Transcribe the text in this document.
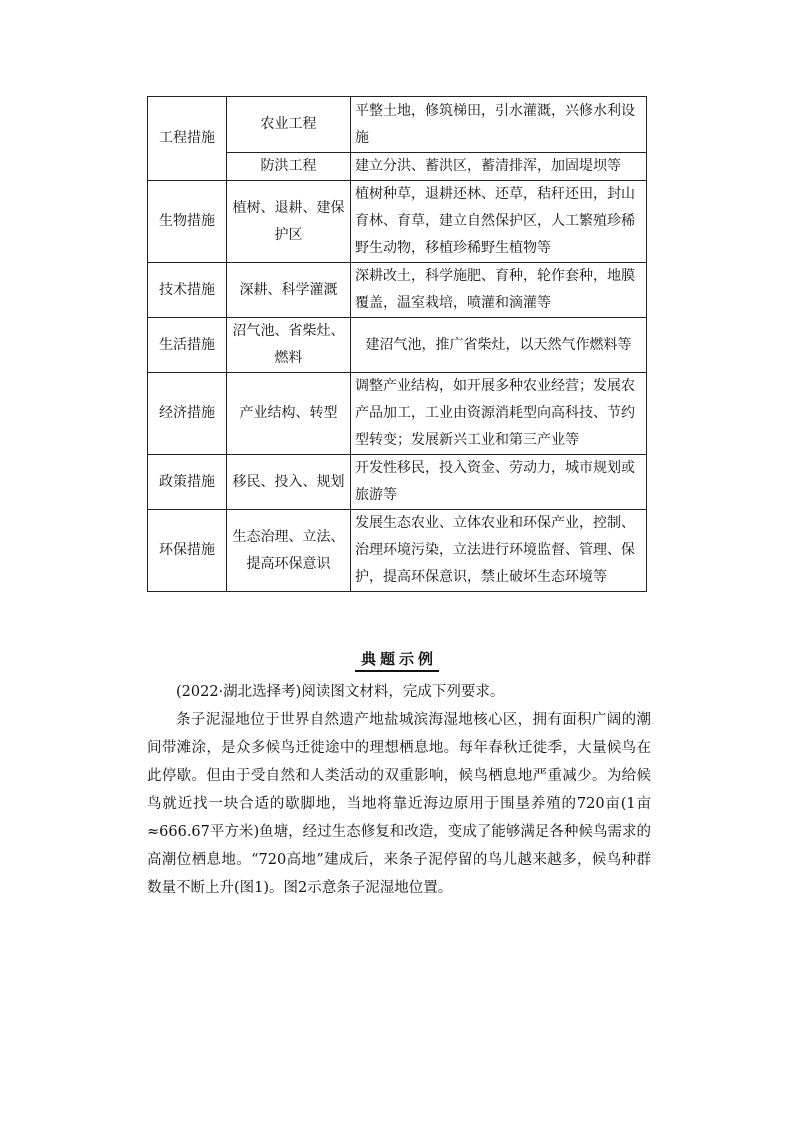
工程措施	农业工程	平整土地，修筑梯田，引水灌溉，兴修水利设施
	防洪工程	建立分洪、蓄洪区，蓄清排浑，加固堤坝等
生物措施	植树、退耕、建保护区	植树种草，退耕还林、还草，秸秆还田，封山育林、育草，建立自然保护区，人工繁殖珍稀野生动物，移植珍稀野生植物等
技术措施	深耕、科学灌溉	深耕改土，科学施肥、育种，轮作套种，地膜覆盖，温室栽培，喷灌和滴灌等
生活措施	沼气池、省柴灶、燃料	建沼气池，推广省柴灶，以天然气作燃料等
经济措施	产业结构、转型	调整产业结构，如开展多种农业经营；发展农产品加工，工业由资源消耗型向高科技、节约型转变；发展新兴工业和第三产业等
政策措施	移民、投入、规划	开发性移民，投入资金、劳动力，城市规划或旅游等
环保措施	生态治理、立法、提高环保意识	发展生态农业、立体农业和环保产业，控制、治理环境污染，立法进行环境监督、管理、保护，提高环保意识，禁止破坏生态环境等
典题示例

(2022·湖北选择考)阅读图文材料，完成下列要求。

条子泥湿地位于世界自然遗产地盐城滨海湿地核心区，拥有面积广阔的潮间带滩涂，是众多候鸟迁徙途中的理想栖息地。每年春秋迁徙季，大量候鸟在此停歇。但由于受自然和人类活动的双重影响，候鸟栖息地严重减少。为给候鸟就近找一块合适的歇脚地，当地将靠近海边原用于围垦养殖的720亩(1亩≈666.67平方米)鱼塘，经过生态修复和改造，变成了能够满足各种候鸟需求的高潮位栖息地。“720高地”建成后，来条子泥停留的鸟儿越来越多，候鸟种群数量不断上升(图1)。图2示意条子泥湿地位置。
